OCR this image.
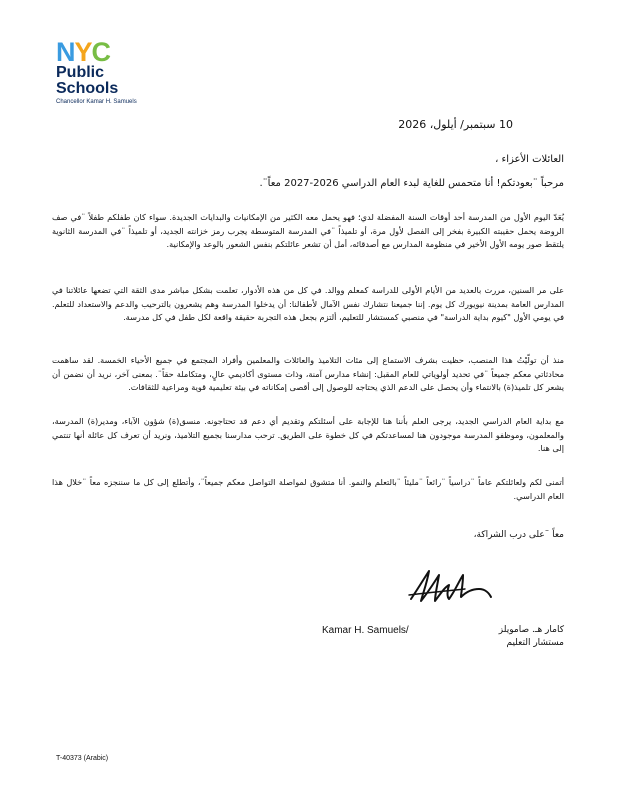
NYC
Public
Schools
Chancellor Kamar H. Samuels
10 سبتمبر/ أيلول، 2026
العائلات الأعزاء ،
مرحباً ¨بعودتكم! أنا متحمس للغاية لبدء العام الدراسي 2026-2027 معاً¨.

يُعَدّ اليوم الأول من المدرسة أحد أوقات السنة المفضلة لدي؛ فهو يحمل معه الكثير من الإمكانيات والبدايات الجديدة. سواء كان طفلكم طفلاً ¨في صف الروضة يحمل حقيبته الكبيرة بفخر إلى الفصل لأول مرة، أو تلميذاً ¨في المدرسة المتوسطة يجرب رمز خزانته الجديد، أو تلميذاً ¨في المدرسة الثانوية يلتقط صور يومه الأول الأخير في منظومة المدارس مع أصدقائه، أمل أن تشعر عائلتكم بنفس الشعور بالوعد والإمكانية.

على مر السنين، مررت بالعديد من الأيام الأولى للدراسة كمعلم ووالد. في كل من هذه الأدوار، تعلمت بشكل مباشر مدى الثقة التي تضعها عائلاتنا في المدارس العامة بمدينة نيويورك كل يوم. إننا جميعنا نتشارك نفس الآمال لأطفالنا: أن يدخلوا المدرسة وهم يشعرون بالترحيب والدعم والاستعداد للتعلم. في يومي الأول "كيوم بداية الدراسة" في منصبي كمستشار للتعليم، ألتزم بجعل هذه التجربة حقيقة واقعة لكل طفل في كل مدرسة.

منذ أن تولّيْتُ هذا المنصب، حظيت بشرف الاستماع إلى مئات التلاميذ والعائلات والمعلمين وأفراد المجتمع في جميع الأحياء الخمسة. لقد ساهمت محادثاتي معكم جميعاً ¨في تحديد أولوياتي للعام المقبل: إنشاء مدارس آمنة، وذات مستوى أكاديمي عالٍ، ومتكاملة حقاً¨. بمعنى آخر، نريد أن نضمن أن يشعر كل تلميذ(ة) بالانتماء وأن يحصل على الدعم الذي يحتاجه للوصول إلى أقصى إمكاناته في بيئة تعليمية قوية ومراعية للثقافات.

مع بداية العام الدراسي الجديد، يرجى العلم بأننا هنا للإجابة على أسئلتكم وتقديم أي دعم قد تحتاجونه. منسق(ة) شؤون الآباء، ومدير(ة) المدرسة، والمعلمون، وموظفو المدرسة موجودون هنا لمساعدتكم في كل خطوة على الطريق. ترحب مدارسنا بجميع التلاميذ، ونريد أن تعرف كل عائلة أنها تنتمي إلى هنا.

أتمنى لكم ولعائلتكم عاماً ¨دراسياً ¨رائعاً ¨مليئاً ¨بالتعلم والنمو. أنا متشوق لمواصلة التواصل معكم جميعاً¨، وأتطلع إلى كل ما سننجزه معاً ¨خلال هذا العام الدراسي.

معاً ¨على درب الشراكة،
Kamar H. Samuels/	كامار هـ. صامويلز
مستشار التعليم
T-40373 (Arabic)
